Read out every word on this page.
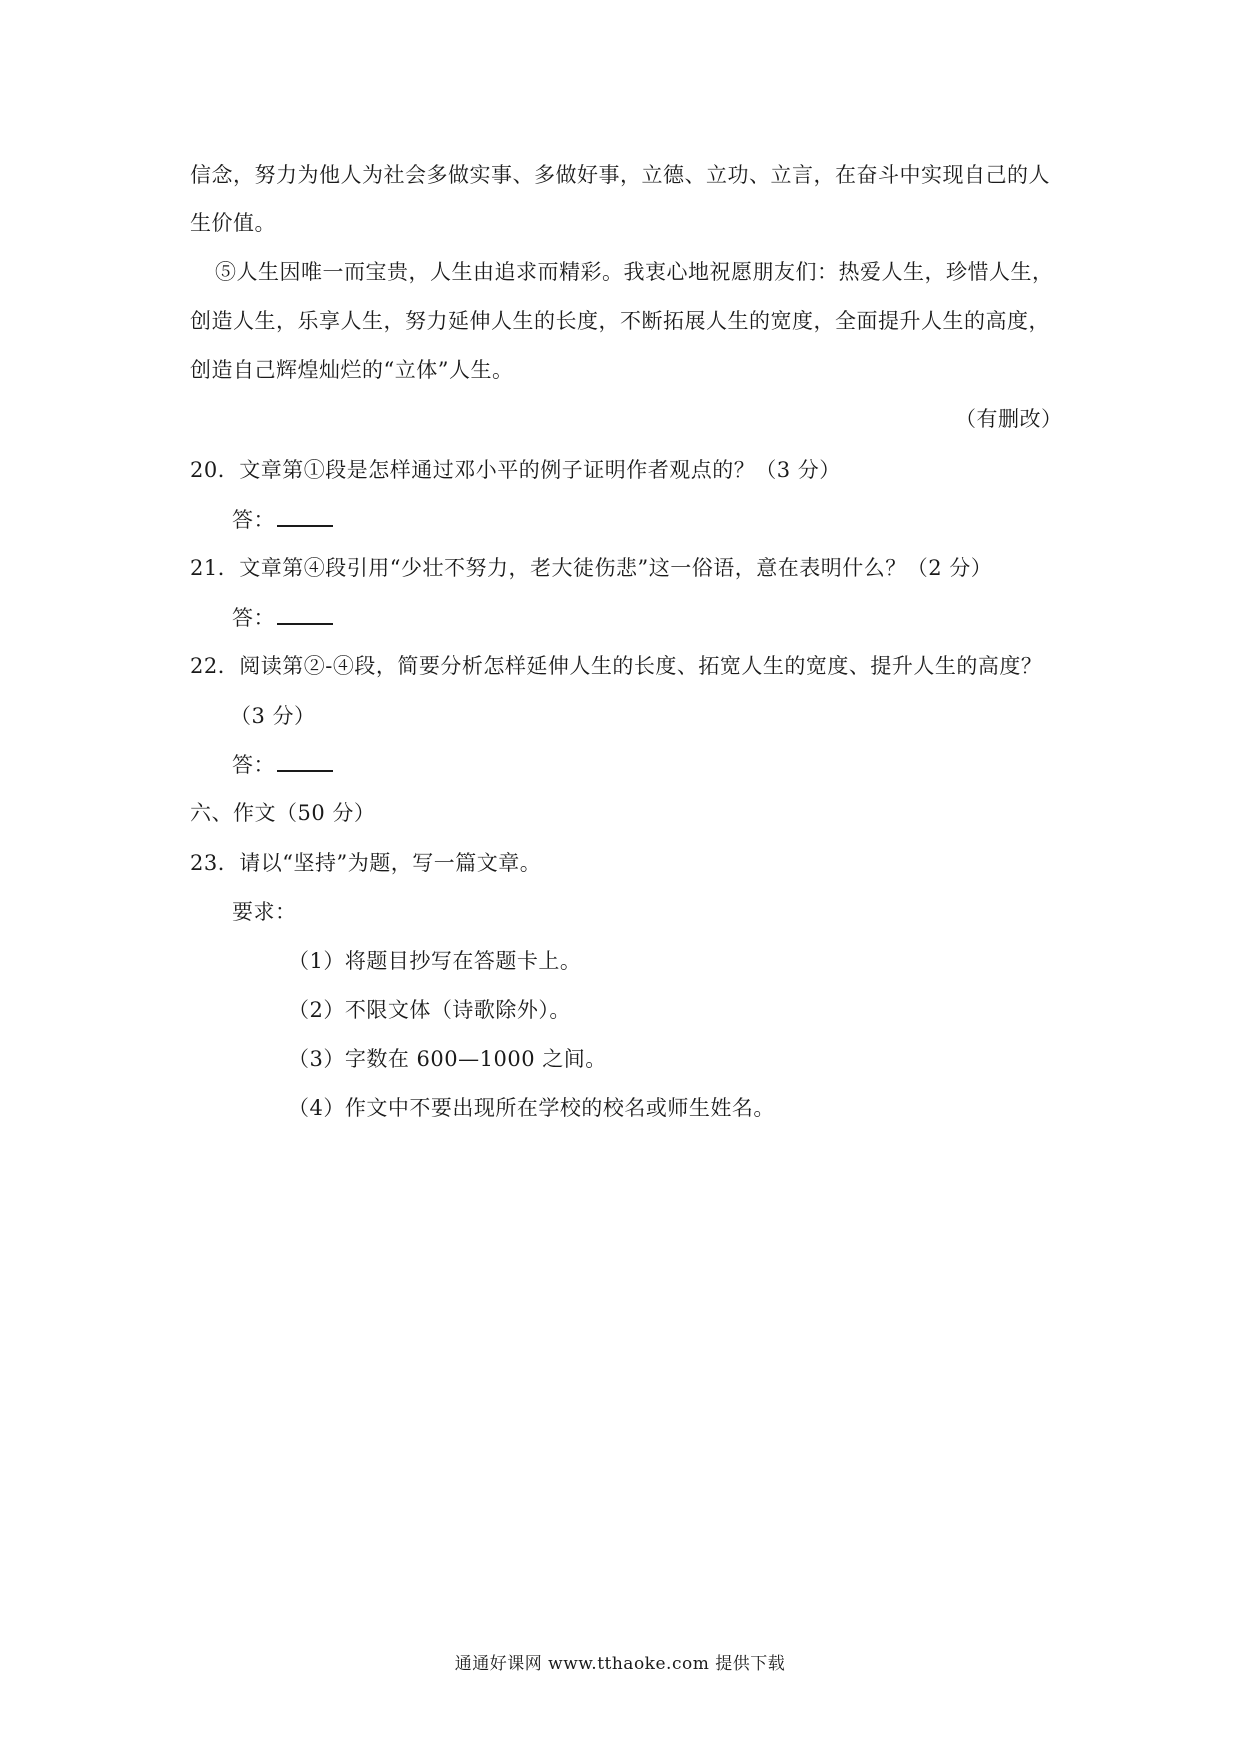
信念，努力为他人为社会多做实事、多做好事，立德、立功、立言，在奋斗中实现自己的人
生价值。
⑤人生因唯一而宝贵，人生由追求而精彩。我衷心地祝愿朋友们：热爱人生，珍惜人生，
创造人生，乐享人生，努力延伸人生的长度，不断拓展人生的宽度，全面提升人生的高度，
创造自己辉煌灿烂的“立体”人生。
（有删改）
20．文章第①段是怎样通过邓小平的例子证明作者观点的？（3 分）
答：
21．文章第④段引用“少壮不努力，老大徒伤悲”这一俗语，意在表明什么？（2 分）
答：
22．阅读第②-④段，简要分析怎样延伸人生的长度、拓宽人生的宽度、提升人生的高度？
（3 分）
答：
六、作文（50 分）
23．请以“坚持”为题，写一篇文章。
要求：
（1）将题目抄写在答题卡上。
（2）不限文体（诗歌除外）。
（3）字数在 600—1000 之间。
（4）作文中不要出现所在学校的校名或师生姓名。
通通好课网 www.tthaoke.com 提供下载
